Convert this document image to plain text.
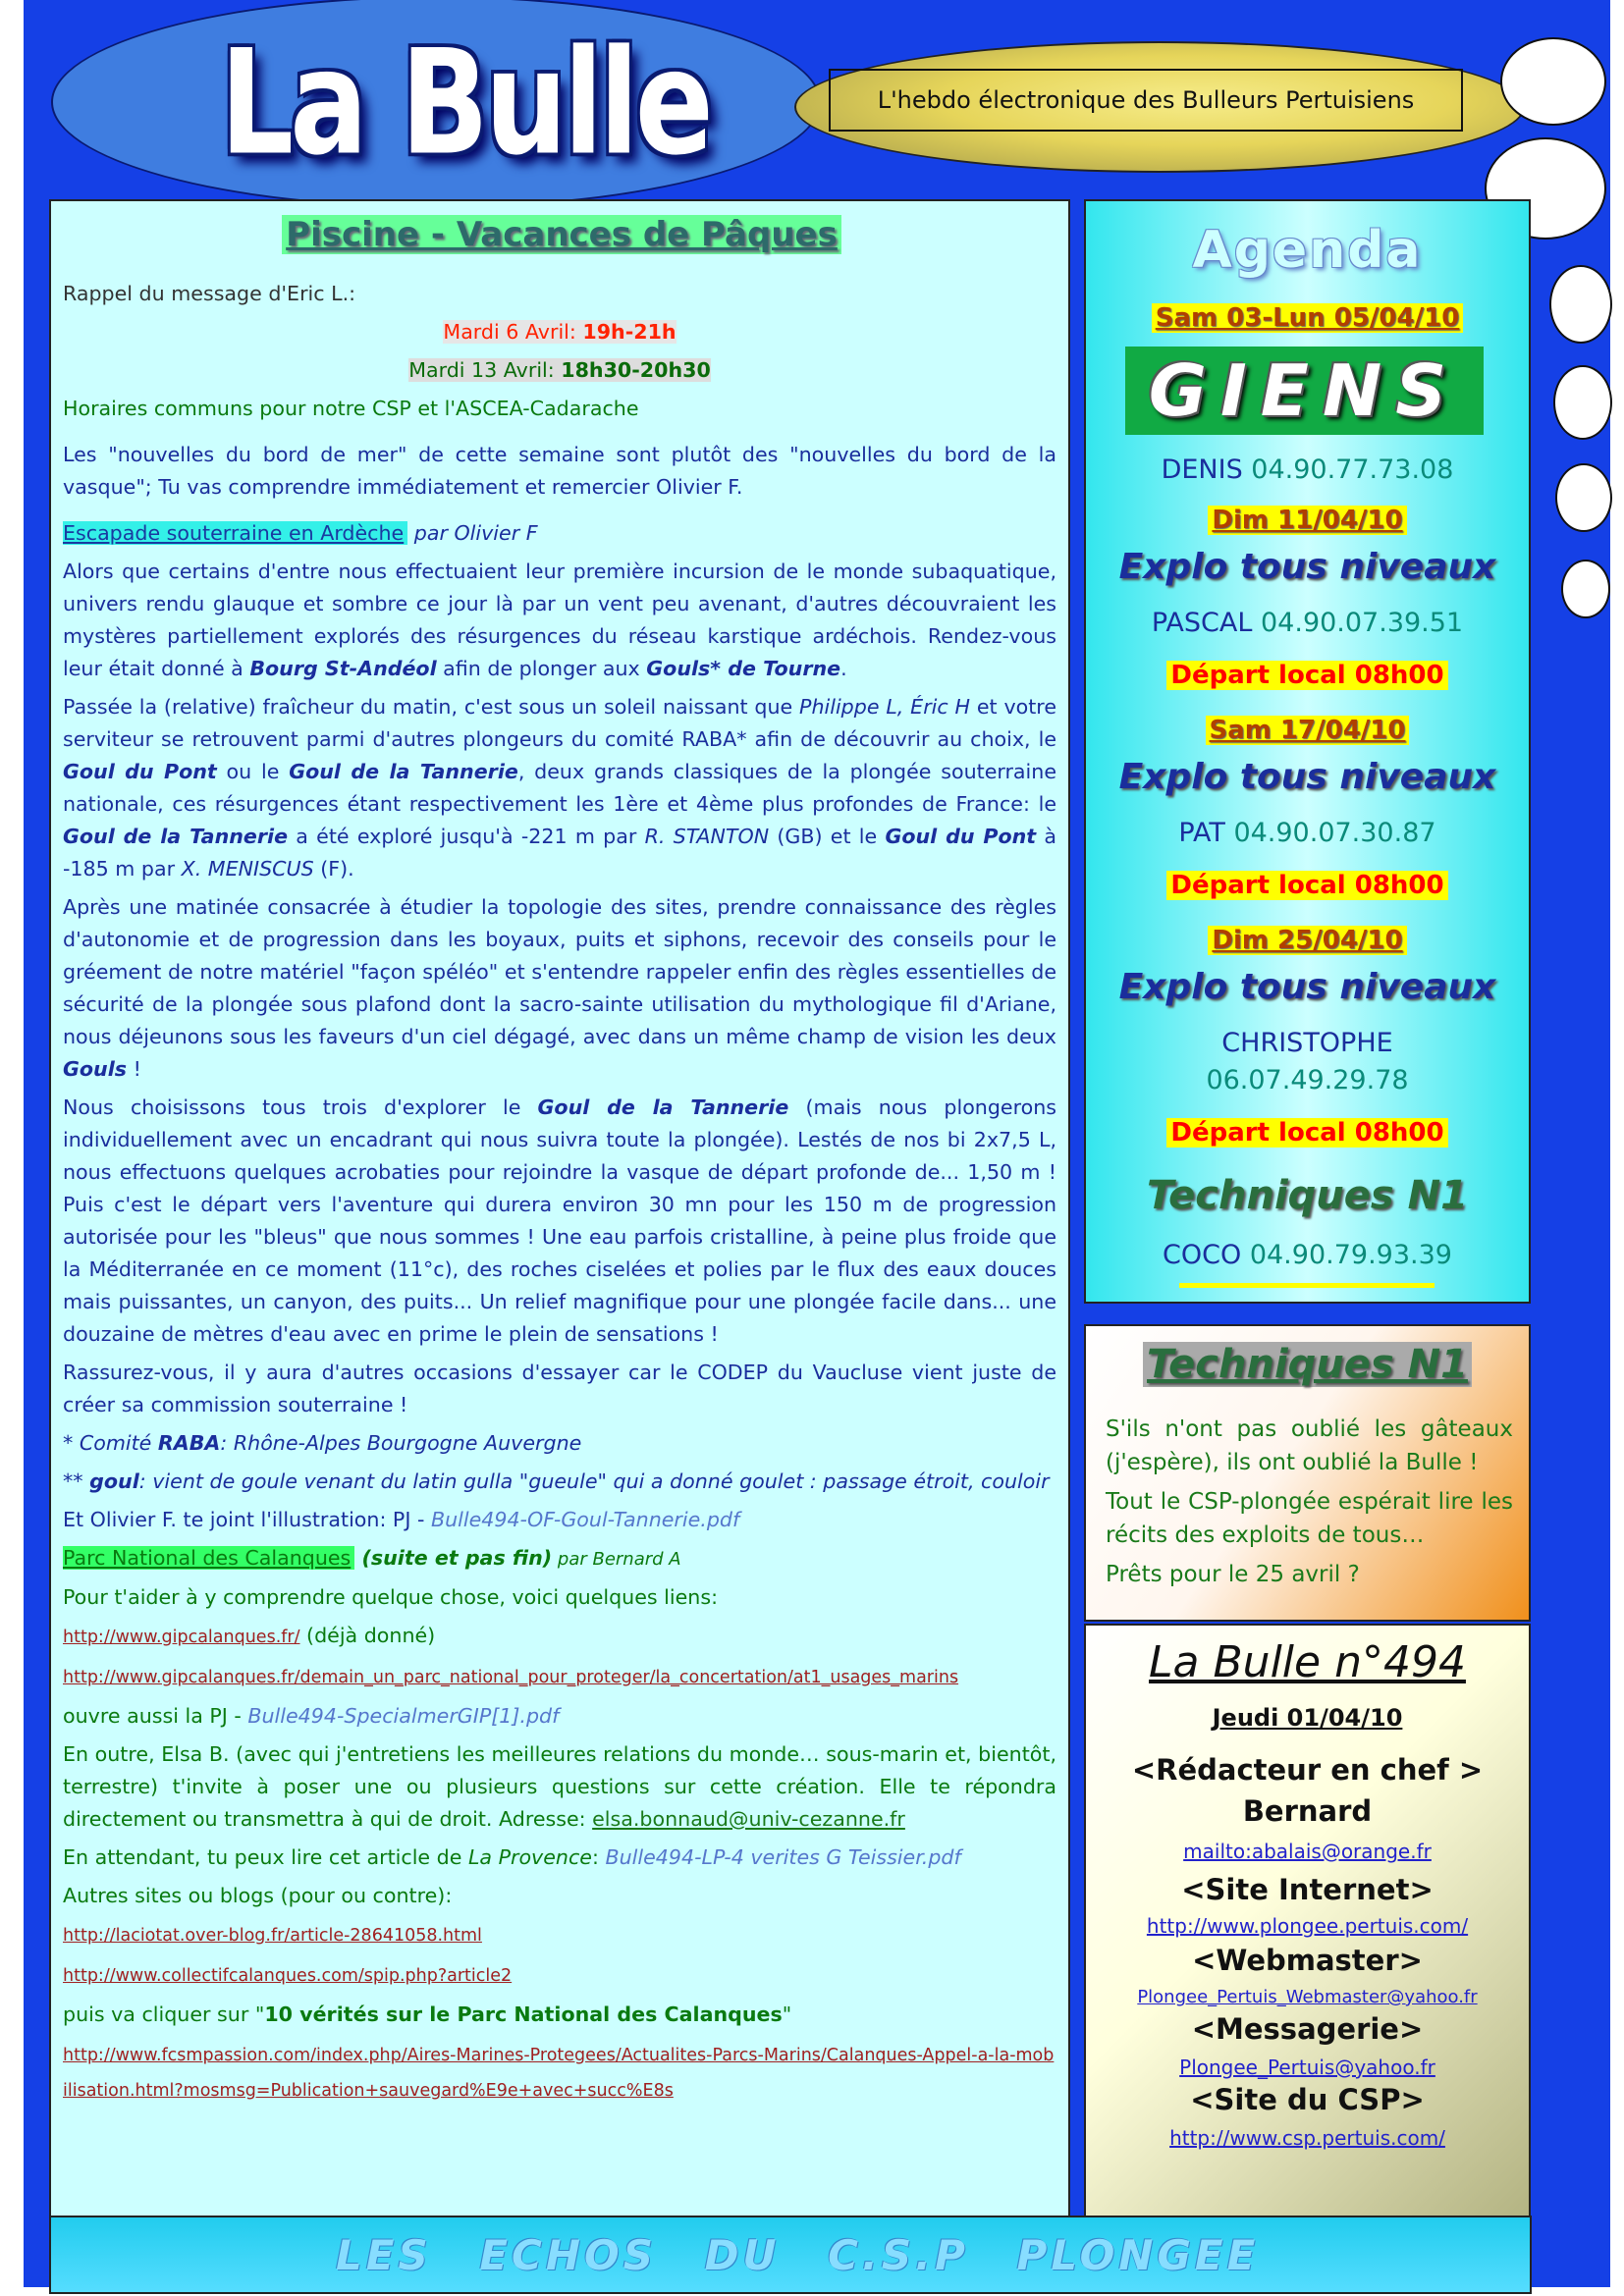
La Bulle	L'hebdo électronique des Bulleurs Pertuisiens
Piscine - Vacances de Pâques

Rappel du message d'Eric L.:

Mardi 6 Avril: 19h-21h

Mardi 13 Avril: 18h30-20h30

Horaires communs pour notre CSP et l'ASCEA-Cadarache

Les "nouvelles du bord de mer" de cette semaine sont plutôt des "nouvelles du bord de la vasque"; Tu vas comprendre immédiatement et remercier Olivier F.

Escapade souterraine en Ardèche par Olivier F

Alors que certains d'entre nous effectuaient leur première incursion de le monde subaquatique, univers rendu glauque et sombre ce jour là par un vent peu avenant, d'autres découvraient les mystères partiellement explorés des résurgences du réseau karstique ardéchois. Rendez-vous leur était donné à Bourg St-Andéol afin de plonger aux Gouls* de Tourne.

Passée la (relative) fraîcheur du matin, c'est sous un soleil naissant que Philippe L, Éric H et votre serviteur se retrouvent parmi d'autres plongeurs du comité RABA* afin de découvrir au choix, le Goul du Pont ou le Goul de la Tannerie, deux grands classiques de la plongée souterraine nationale, ces résurgences étant respectivement les 1ère et 4ème plus profondes de France: le Goul de la Tannerie a été exploré jusqu'à -221 m par R. STANTON (GB) et le Goul du Pont à -185 m par X. MENISCUS (F).

Après une matinée consacrée à étudier la topologie des sites, prendre connaissance des règles d'autonomie et de progression dans les boyaux, puits et siphons, recevoir des conseils pour le gréement de notre matériel "façon spéléo" et s'entendre rappeler enfin des règles essentielles de sécurité de la plongée sous plafond dont la sacro-sainte utilisation du mythologique fil d'Ariane, nous déjeunons sous les faveurs d'un ciel dégagé, avec dans un même champ de vision les deux Gouls !

Nous choisissons tous trois d'explorer le Goul de la Tannerie (mais nous plongerons individuellement avec un encadrant qui nous suivra toute la plongée). Lestés de nos bi 2x7,5 L, nous effectuons quelques acrobaties pour rejoindre la vasque de départ profonde de... 1,50 m ! Puis c'est le départ vers l'aventure qui durera environ 30 mn pour les 150 m de progression autorisée pour les "bleus" que nous sommes ! Une eau parfois cristalline, à peine plus froide que la Méditerranée en ce moment (11°c), des roches ciselées et polies par le flux des eaux douces mais puissantes, un canyon, des puits... Un relief magnifique pour une plongée facile dans... une douzaine de mètres d'eau avec en prime le plein de sensations !

Rassurez-vous, il y aura d'autres occasions d'essayer car le CODEP du Vaucluse vient juste de créer sa commission souterraine !

* Comité RABA: Rhône-Alpes Bourgogne Auvergne

** goul: vient de goule venant du latin gulla "gueule" qui a donné goulet : passage étroit, couloir

Et Olivier F. te joint l'illustration: PJ - Bulle494-OF-Goul-Tannerie.pdf

Parc National des Calanques (suite et pas fin) par Bernard A

Pour t'aider à y comprendre quelque chose, voici quelques liens:

http://www.gipcalanques.fr/ (déjà donné)

http://www.gipcalanques.fr/demain_un_parc_national_pour_proteger/la_concertation/at1_usages_marins

ouvre aussi la PJ - Bulle494-SpecialmerGIP[1].pdf

En outre, Elsa B. (avec qui j'entretiens les meilleures relations du monde… sous-marin et, bientôt, terrestre) t'invite à poser une ou plusieurs questions sur cette création. Elle te répondra directement ou transmettra à qui de droit. Adresse: elsa.bonnaud@univ-cezanne.fr

En attendant, tu peux lire cet article de La Provence: Bulle494-LP-4 verites G Teissier.pdf

Autres sites ou blogs (pour ou contre):

http://laciotat.over-blog.fr/article-28641058.html

http://www.collectifcalanques.com/spip.php?article2

puis va cliquer sur "10 vérités sur le Parc National des Calanques"

http://www.fcsmpassion.com/index.php/Aires-Marines-Protegees/Actualites-Parcs-Marins/Calanques-Appel-a-la-mobilisation.html?mosmsg=Publication+sauvegard%E9e+avec+succ%E8s

Agenda
Sam 03-Lun 05/04/10
GIENS
DENIS 04.90.77.73.08
Dim 11/04/10
Explo tous niveaux
PASCAL 04.90.07.39.51
Départ local 08h00
Sam 17/04/10
Explo tous niveaux
PAT 04.90.07.30.87
Départ local 08h00
Dim 25/04/10
Explo tous niveaux
CHRISTOPHE
06.07.49.29.78
Départ local 08h00
Techniques N1
COCO 04.90.79.93.39
Techniques N1

S'ils n'ont pas oublié les gâteaux (j'espère), ils ont oublié la Bulle !

Tout le CSP-plongée espérait lire les récits des exploits de tous…

Prêts pour le 25 avril ?

La Bulle n°494
Jeudi 01/04/10
<Rédacteur en chef >
Bernard
mailto:abalais@orange.fr
<Site Internet>
http://www.plongee.pertuis.com/
<Webmaster>
Plongee_Pertuis_Webmaster@yahoo.fr
<Messagerie>
Plongee_Pertuis@yahoo.fr
<Site du CSP>
http://www.csp.pertuis.com/
LES ECHOS DU C.S.P PLONGEE
